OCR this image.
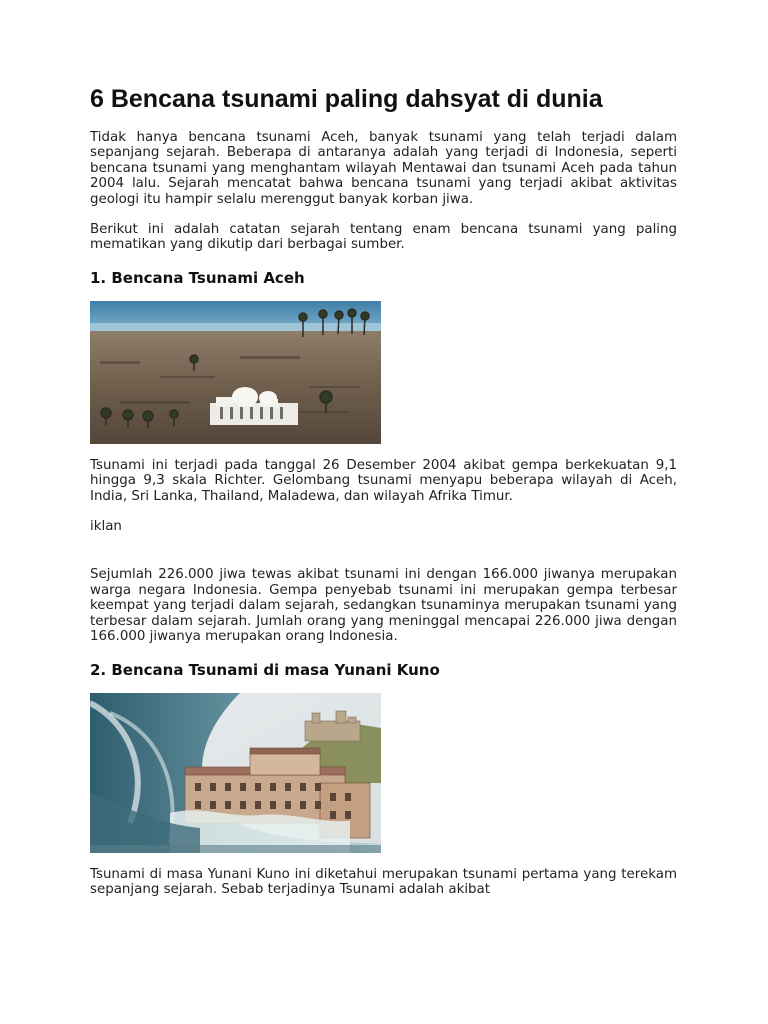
6 Bencana tsunami paling dahsyat di dunia

Tidak hanya bencana tsunami Aceh, banyak tsunami yang telah terjadi dalam sepanjang sejarah. Beberapa di antaranya adalah yang terjadi di Indonesia, seperti bencana tsunami yang menghantam wilayah Mentawai dan tsunami Aceh pada tahun 2004 lalu. Sejarah mencatat bahwa bencana tsunami yang terjadi akibat aktivitas geologi itu hampir selalu merenggut banyak korban jiwa.

Berikut ini adalah catatan sejarah tentang enam bencana tsunami yang paling mematikan yang dikutip dari berbagai sumber.

1. Bencana Tsunami Aceh

Tsunami ini terjadi pada tanggal 26 Desember 2004 akibat gempa berkekuatan 9,1 hingga 9,3 skala Richter. Gelombang tsunami menyapu beberapa wilayah di Aceh, India, Sri Lanka, Thailand, Maladewa, dan wilayah Afrika Timur.

iklan

Sejumlah 226.000 jiwa tewas akibat tsunami ini dengan 166.000 jiwanya merupakan warga negara Indonesia. Gempa penyebab tsunami ini merupakan gempa terbesar keempat yang terjadi dalam sejarah, sedangkan tsunaminya merupakan tsunami yang terbesar dalam sejarah. Jumlah orang yang meninggal mencapai 226.000 jiwa dengan 166.000 jiwanya merupakan orang Indonesia.

2. Bencana Tsunami di masa Yunani Kuno

Tsunami di masa Yunani Kuno ini diketahui merupakan tsunami pertama yang terekam sepanjang sejarah. Sebab terjadinya Tsunami adalah akibat
